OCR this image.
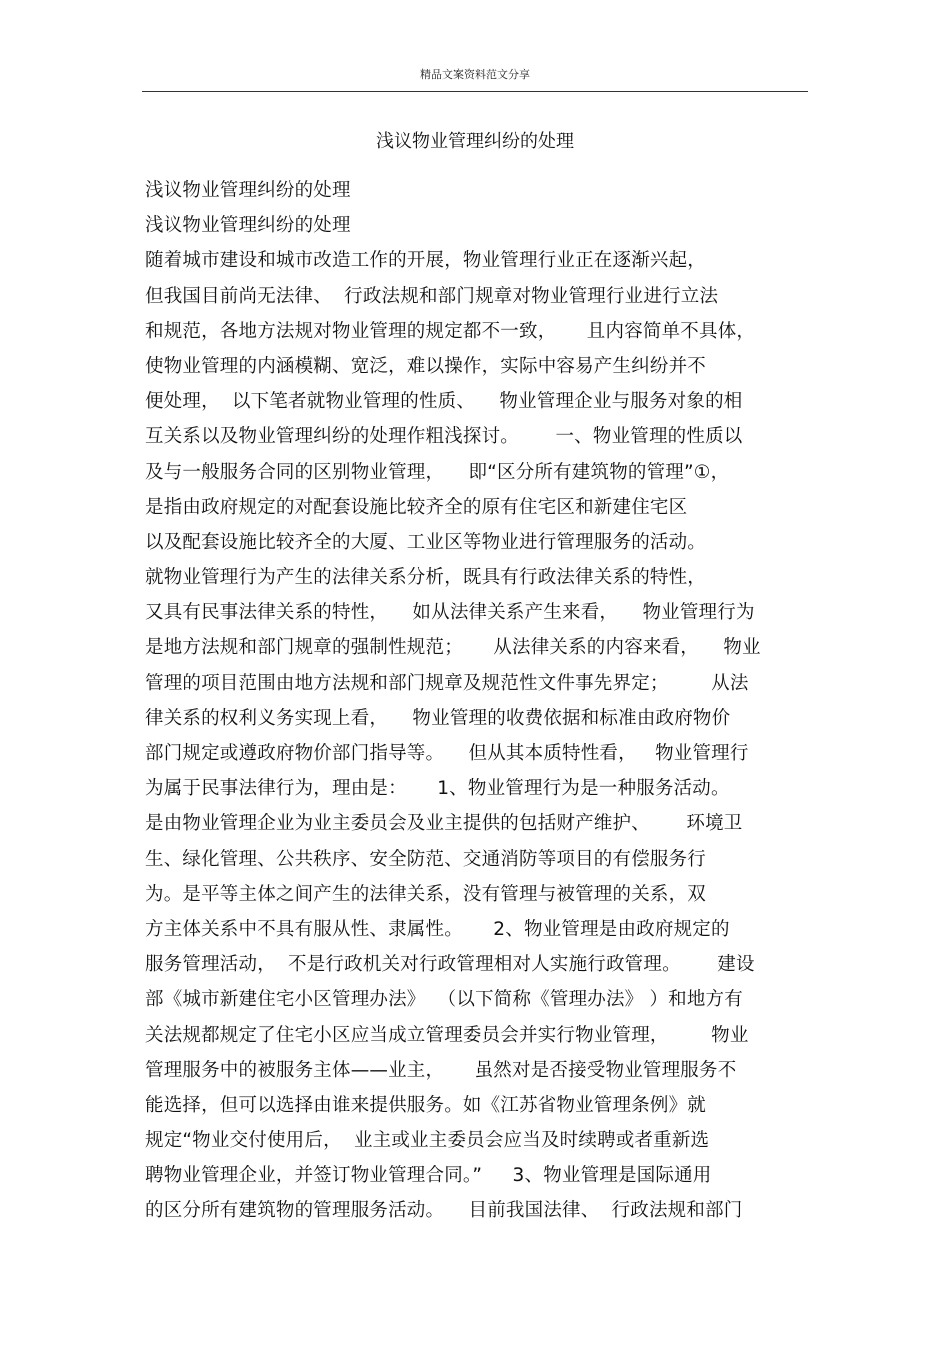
精品文案资料范文分享
浅议物业管理纠纷的处理
浅议物业管理纠纷的处理
浅议物业管理纠纷的处理
随着城市建设和城市改造工作的开展，物业管理行业正在逐渐兴起，
但我国目前尚无法律、  行政法规和部门规章对物业管理行业进行立法
和规范，各地方法规对物业管理的规定都不一致，     且内容简单不具体，
使物业管理的内涵模糊、宽泛，难以操作，实际中容易产生纠纷并不
便处理，  以下笔者就物业管理的性质、    物业管理企业与服务对象的相
互关系以及物业管理纠纷的处理作粗浅探讨。      一、物业管理的性质以
及与一般服务合同的区别物业管理，    即“区分所有建筑物的管理”①，
是指由政府规定的对配套设施比较齐全的原有住宅区和新建住宅区
以及配套设施比较齐全的大厦、工业区等物业进行管理服务的活动。
就物业管理行为产生的法律关系分析，既具有行政法律关系的特性，
又具有民事法律关系的特性，    如从法律关系产生来看，    物业管理行为
是地方法规和部门规章的强制性规范；     从法律关系的内容来看，    物业
管理的项目范围由地方法规和部门规章及规范性文件事先界定；       从法
律关系的权利义务实现上看，    物业管理的收费依据和标准由政府物价
部门规定或遵政府物价部门指导等。    但从其本质特性看，   物业管理行
为属于民事法律行为，理由是：     1、物业管理行为是一种服务活动。
是由物业管理企业为业主委员会及业主提供的包括财产维护、      环境卫
生、绿化管理、公共秩序、安全防范、交通消防等项目的有偿服务行
为。是平等主体之间产生的法律关系，没有管理与被管理的关系，双
方主体关系中不具有服从性、隶属性。     2、物业管理是由政府规定的
服务管理活动，  不是行政机关对行政管理相对人实施行政管理。      建设
部《城市新建住宅小区管理办法》  （以下简称《管理办法》 ）和地方有
关法规都规定了住宅小区应当成立管理委员会并实行物业管理，       物业
管理服务中的被服务主体——业主，     虽然对是否接受物业管理服务不
能选择，但可以选择由谁来提供服务。如《江苏省物业管理条例》就
规定“物业交付使用后，  业主或业主委员会应当及时续聘或者重新选
聘物业管理企业，并签订物业管理合同。”     3、物业管理是国际通用
的区分所有建筑物的管理服务活动。    目前我国法律、  行政法规和部门
